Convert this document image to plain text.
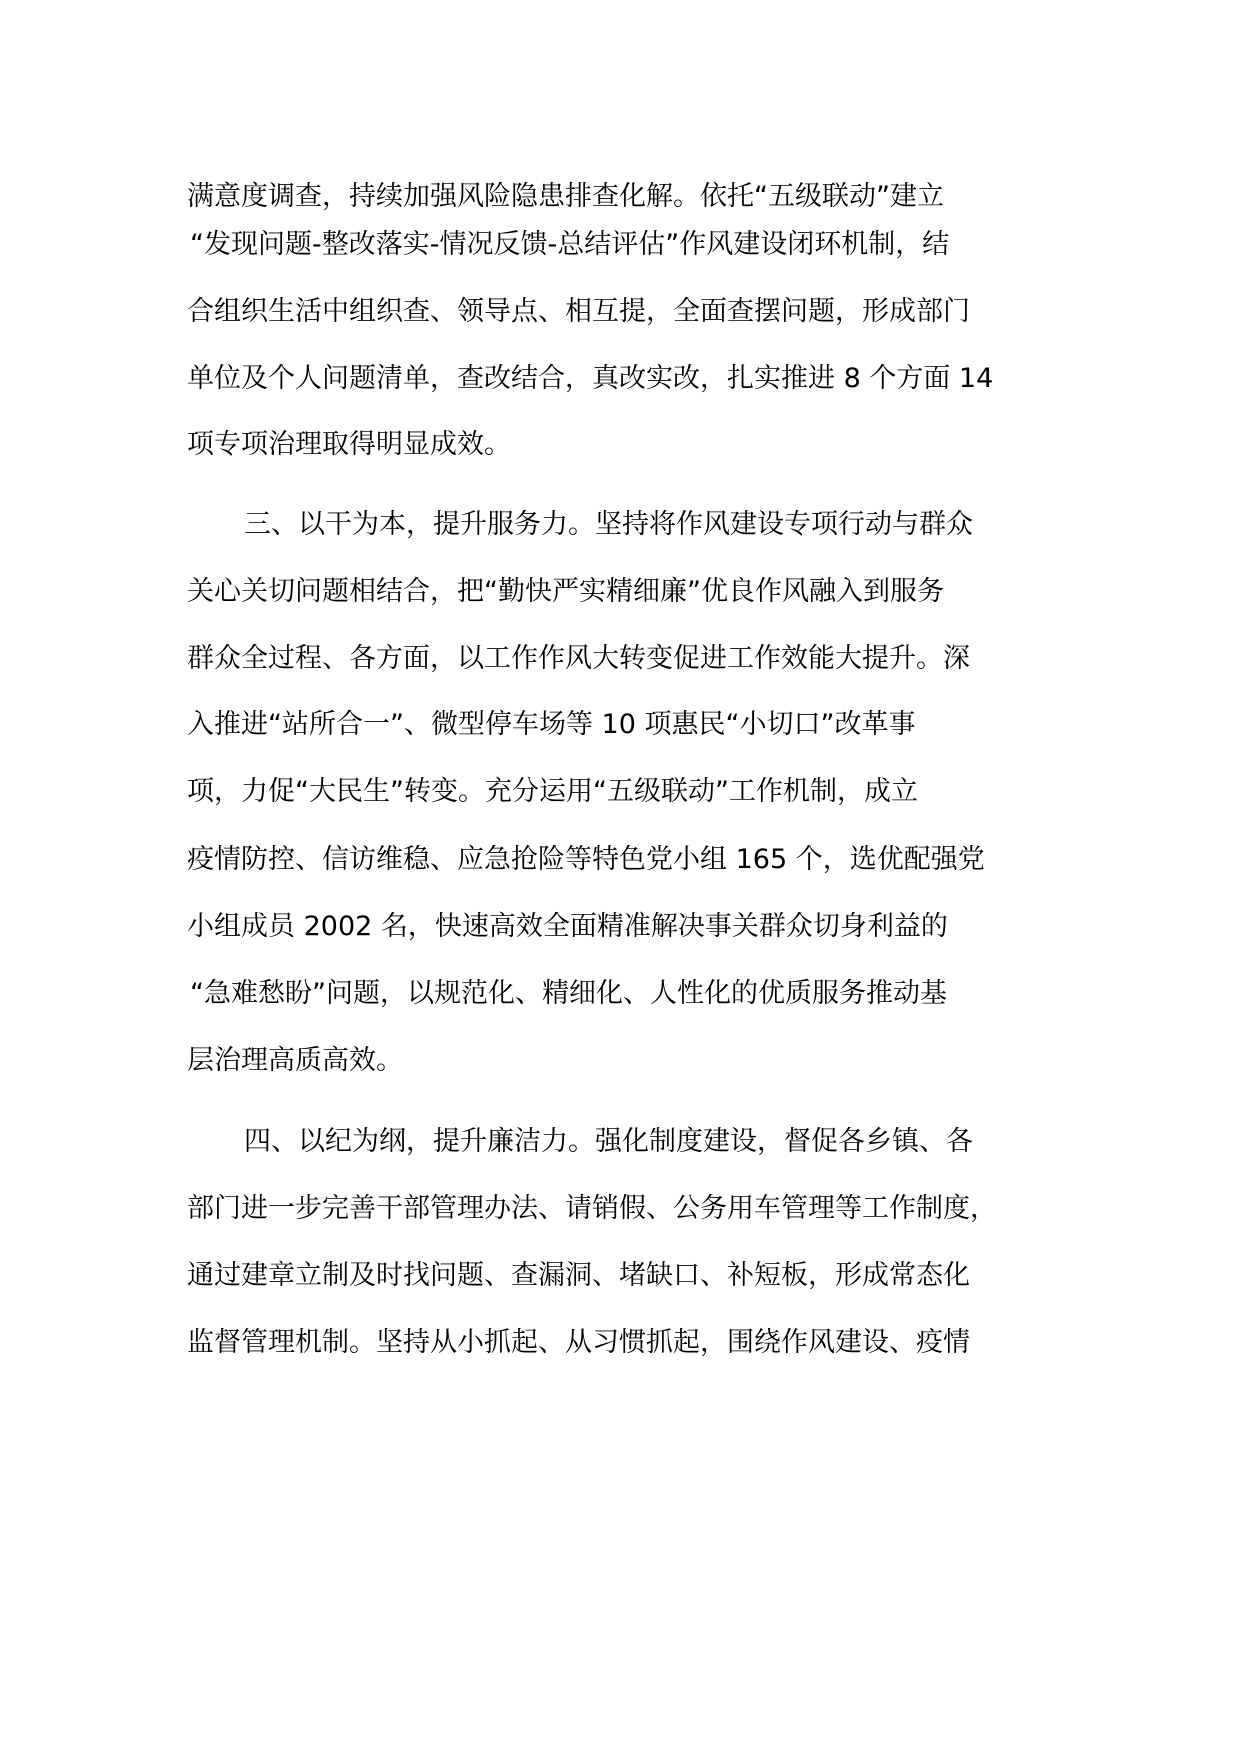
满意度调查，持续加强风险隐患排查化解。依托“五级联动”建立

“发现问题-整改落实-情况反馈-总结评估”作风建设闭环机制，结

合组织生活中组织查、领导点、相互提，全面查摆问题，形成部门

单位及个人问题清单，查改结合，真改实改，扎实推进 8 个方面 14

项专项治理取得明显成效。

三、以干为本，提升服务力。坚持将作风建设专项行动与群众

关心关切问题相结合，把“勤快严实精细廉”优良作风融入到服务

群众全过程、各方面，以工作作风大转变促进工作效能大提升。深

入推进“站所合一”、微型停车场等 10 项惠民“小切口”改革事

项，力促“大民生”转变。充分运用“五级联动”工作机制，成立

疫情防控、信访维稳、应急抢险等特色党小组 165 个，选优配强党

小组成员 2002 名，快速高效全面精准解决事关群众切身利益的

“急难愁盼”问题，以规范化、精细化、人性化的优质服务推动基

层治理高质高效。

四、以纪为纲，提升廉洁力。强化制度建设，督促各乡镇、各

部门进一步完善干部管理办法、请销假、公务用车管理等工作制度，

通过建章立制及时找问题、查漏洞、堵缺口、补短板，形成常态化

监督管理机制。坚持从小抓起、从习惯抓起，围绕作风建设、疫情
